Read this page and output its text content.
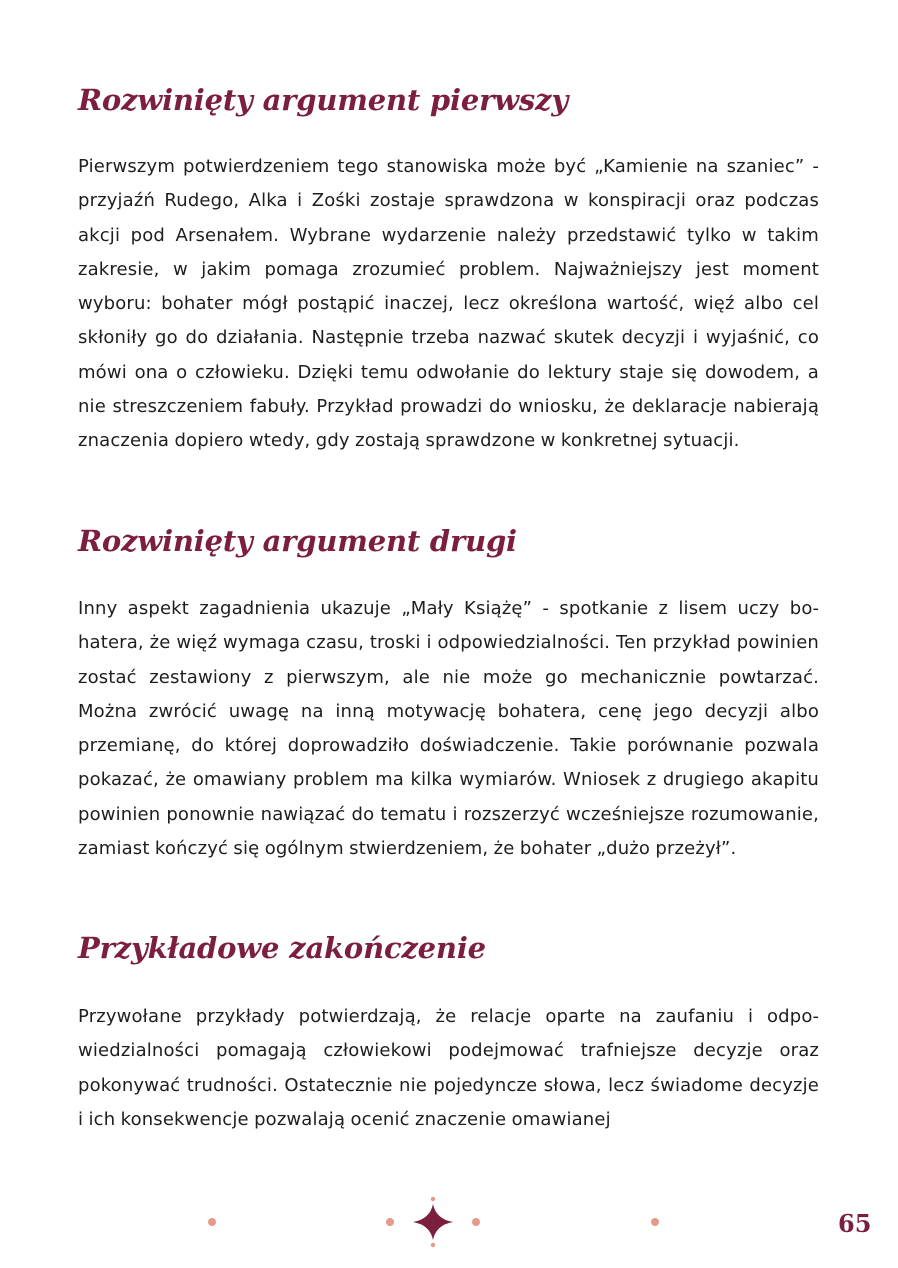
Rozwinięty argument pierwszy

Pierwszym potwierdzeniem tego stanowiska może być „Kamienie na szaniec” - przyjaźń Rudego, Alka i Zośki zostaje sprawdzona w konspiracji oraz podczas akcji pod Arsenałem. Wybrane wydarzenie należy przedstawić tylko w takim zakresie, w jakim pomaga zrozumieć problem. Najważniejszy jest moment wyboru: bohater mógł postąpić inaczej, lecz określona wartość, więź albo cel skłoniły go do działania. Następnie trzeba nazwać skutek decyzji i wyjaśnić, co mówi ona o człowieku. Dzięki temu odwołanie do lektury staje się dowodem, a nie streszczeniem fabuły. Przykład prowadzi do wniosku, że deklaracje nabierają znaczenia dopiero wtedy, gdy zostają sprawdzone w konkretnej sytuacji.

Rozwinięty argument drugi

Inny aspekt zagadnienia ukazuje „Mały Książę” - spotkanie z lisem uczy bohatera, że więź wymaga czasu, troski i odpowiedzialności. Ten przykład powinien zostać zestawiony z pierwszym, ale nie może go mechanicznie powtarzać. Można zwrócić uwagę na inną motywację bohatera, cenę jego decyzji albo przemianę, do której doprowadziło doświadczenie. Takie porównanie pozwala pokazać, że omawiany problem ma kilka wymiarów. Wniosek z drugiego akapitu powinien ponownie nawiązać do tematu i rozszerzyć wcześniejsze rozumowanie, zamiast kończyć się ogólnym stwierdzeniem, że bohater „dużo przeżył”.

Przykładowe zakończenie

Przywołane przykłady potwierdzają, że relacje oparte na zaufaniu i odpowiedzialności pomagają człowiekowi podejmować trafniejsze decyzje oraz pokonywać trudności. Ostatecznie nie pojedyncze słowa, lecz świadome decyzje i ich konsekwencje pozwalają ocenić znaczenie omawianej

65
